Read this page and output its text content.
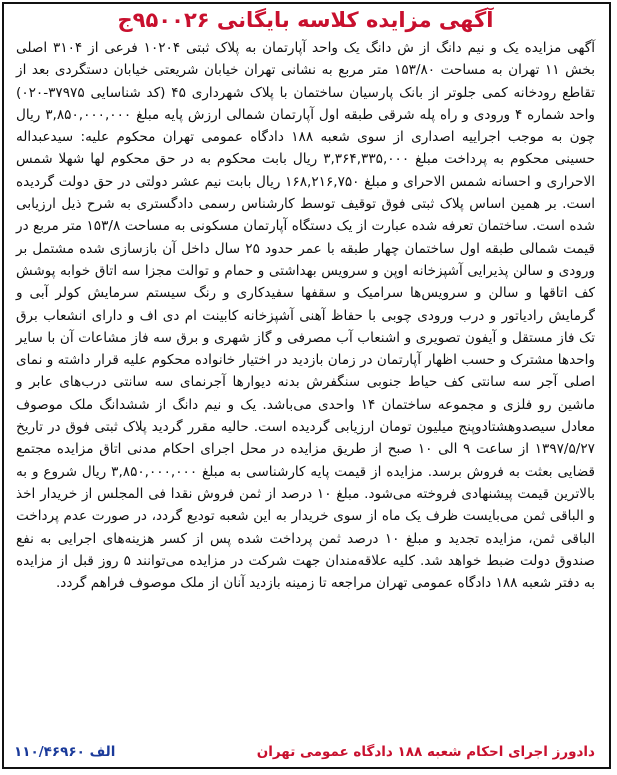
آگهی مزایده کلاسه بایگانی ۹۵۰۰۲۶ج

آگهی مزایده یک و نیم دانگ از ش دانگ یک واحد آپارتمان به پلاک ثبتی ۱۰۲۰۴ فرعی از ۳۱۰۴ اصلی بخش ۱۱ تهران به مساحت ۱۵۳/۸۰ متر مربع به نشانی تهران خیابان شریعتی خیابان دستگردی بعد از تقاطع رودخانه کمی جلوتر از بانک پارسیان ساختمان با پلاک شهرداری ۴۵ (کد شناسایی ۳۷۹۷۵-۰۲۰) واحد شماره ۴ ورودی و راه پله شرقی طبقه اول آپارتمان شمالی ارزش پایه مبلغ ۳,۸۵۰,۰۰۰,۰۰۰ ریال چون به موجب اجراییه اصداری از سوی شعبه ۱۸۸ دادگاه عمومی تهران محکوم علیه: سیدعبداله حسینی محکوم به پرداخت مبلغ ۳,۳۶۴,۳۳۵,۰۰۰ ریال بابت محکوم به در حق محکوم لها شهلا شمس الاحراری و احسانه شمس الاحرای و مبلغ ۱۶۸,۲۱۶,۷۵۰ ریال بابت نیم عشر دولتی در حق دولت گردیده است. بر همین اساس پلاک ثبتی فوق توقیف توسط کارشناس رسمی دادگستری به شرح ذیل ارزیابی شده است. ساختمان تعرفه شده عبارت از یک دستگاه آپارتمان مسکونی به مساحت ۱۵۳/۸ متر مربع در قیمت شمالی طبقه اول ساختمان چهار طبقه با عمر حدود ۲۵ سال داخل آن بازسازی شده مشتمل بر ورودی و سالن پذیرایی آشپزخانه اوپن و سرویس بهداشتی و حمام و توالت مجزا سه اتاق خوابه پوشش کف اتاقها و سالن و سرویس‌ها سرامیک و سقفها سفیدکاری و رنگ سیستم سرمایش کولر آبی و گرمایش رادیاتور و درب ورودی چوبی با حفاظ آهنی آشپزخانه کابینت ام دی اف و دارای انشعاب برق تک فاز مستقل و آیفون تصویری و اشنعاب آب مصرفی و گاز شهری و برق سه فاز مشاعات آن با سایر واحدها مشترک و حسب اظهار آپارتمان در زمان بازدید در اختیار خانواده محکوم علیه قرار داشته و نمای اصلی آجر سه سانتی کف حیاط جنوبی سنگفرش بدنه دیوارها آجرنمای سه سانتی درب‌های عابر و ماشین رو فلزی و مجموعه ساختمان ۱۴ واحدی می‌باشد. یک و نیم دانگ از ششدانگ ملک موصوف معادل سیصدوهشتادوپنج میلیون تومان ارزیابی گردیده است. حالیه مقرر گردید پلاک ثبتی فوق در تاریخ ۱۳۹۷/۵/۲۷ از ساعت ۹ الی ۱۰ صبح از طریق مزایده در محل اجرای احکام مدنی اتاق مزایده مجتمع قضایی بعثت به فروش برسد. مزایده از قیمت پایه کارشناسی به مبلغ ۳,۸۵۰,۰۰۰,۰۰۰ ریال شروع و به بالاترین قیمت پیشنهادی فروخته می‌شود. مبلغ ۱۰ درصد از ثمن فروش نقدا فی المجلس از خریدار اخذ و الباقی ثمن می‌بایست ظرف یک ماه از سوی خریدار به این شعبه تودیع گردد، در صورت عدم پرداخت الباقی ثمن، مزایده تجدید و مبلغ ۱۰ درصد ثمن پرداخت شده پس از کسر هزینه‌های اجرایی به نفع صندوق دولت ضبط خواهد شد. کلیه علاقه‌مندان جهت شرکت در مزایده می‌توانند ۵ روز قبل از مزایده به دفتر شعبه ۱۸۸ دادگاه عمومی تهران مراجعه تا زمینه بازدید آنان از ملک موصوف فراهم گردد.

دادورز اجرای احکام شعبه ۱۸۸ دادگاه عمومی تهران
۱۱۰/۴۶۹۶۰ الف
